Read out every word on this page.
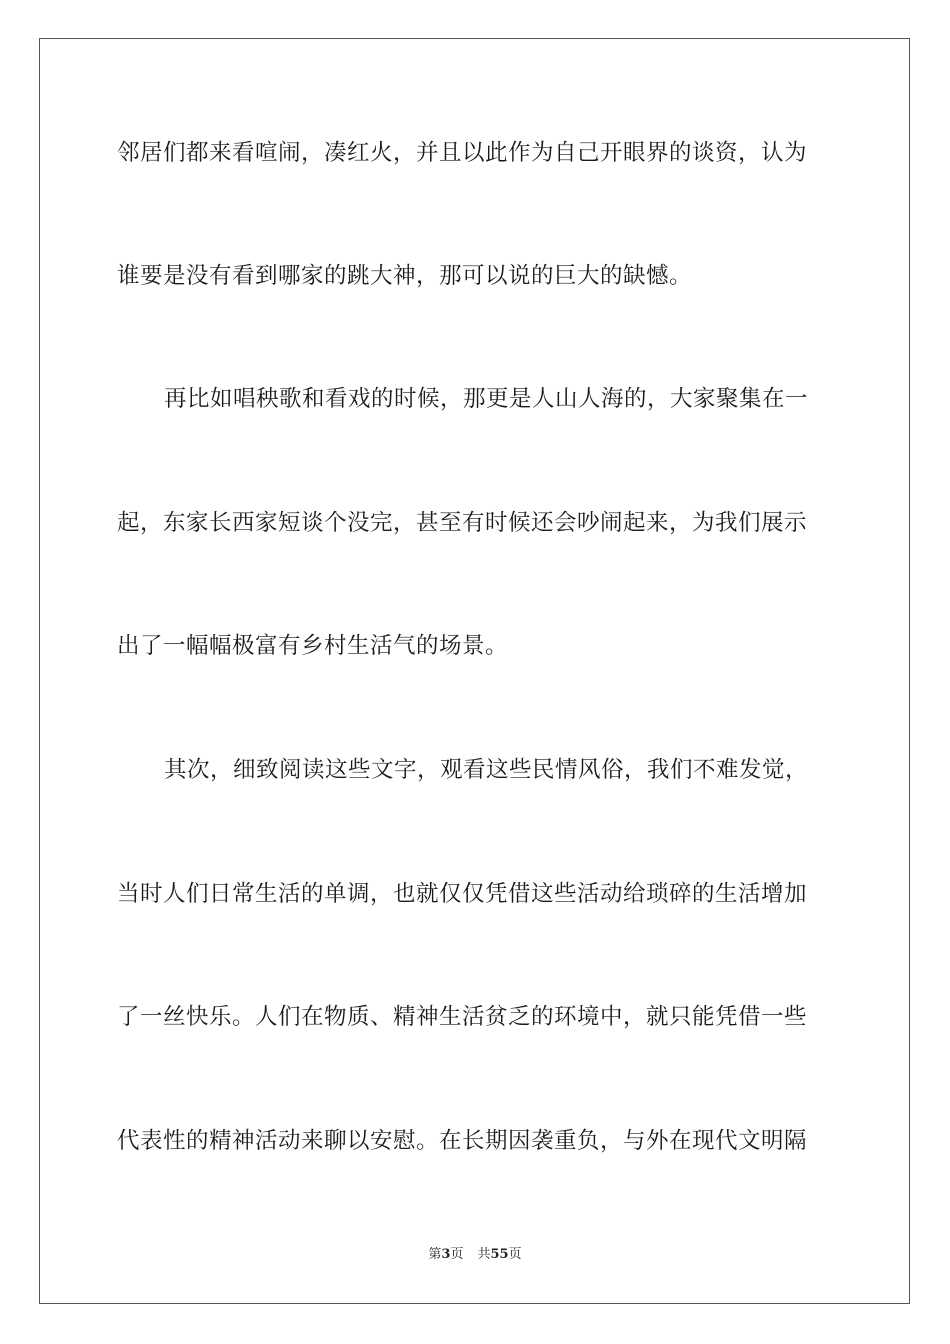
邻居们都来看喧闹，凑红火，并且以此作为自己开眼界的谈资，认为
谁要是没有看到哪家的跳大神，那可以说的巨大的缺憾。
再比如唱秧歌和看戏的时候，那更是人山人海的，大家聚集在一
起，东家长西家短谈个没完，甚至有时候还会吵闹起来，为我们展示
出了一幅幅极富有乡村生活气的场景。
其次，细致阅读这些文字，观看这些民情风俗，我们不难发觉，
当时人们日常生活的单调，也就仅仅凭借这些活动给琐碎的生活增加
了一丝快乐。人们在物质、精神生活贫乏的环境中，就只能凭借一些
代表性的精神活动来聊以安慰。在长期因袭重负，与外在现代文明隔
第3页 共55页
